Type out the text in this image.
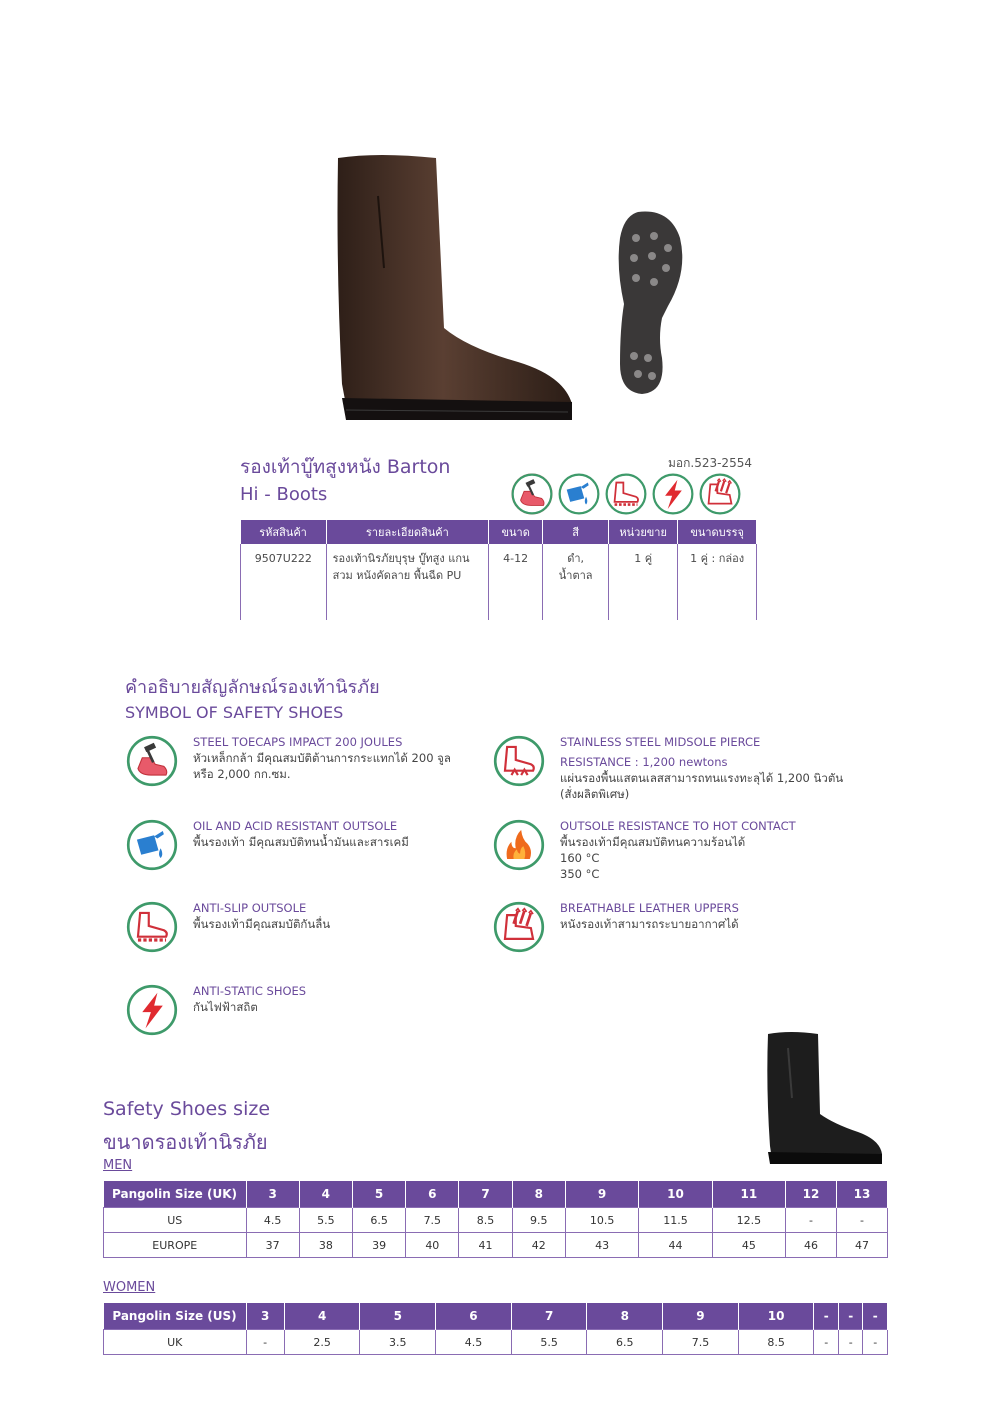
รองเท้าบู๊ทสูงหนัง Barton
Hi - Boots
มอก.523-2554
รหัสสินค้า	รายละเอียดสินค้า	ขนาด	สี	หน่วยขาย	ขนาดบรรจุ
9507U222	รองเท้านิรภัยบุรุษ บู๊ทสูง แกนสวม หนังคัดลาย พื้นฉีด PU	4-12	ดำ, น้ำตาล	1 คู่	1 คู่ : กล่อง
คำอธิบายสัญลักษณ์รองเท้านิรภัย
SYMBOL OF SAFETY SHOES
STEEL TOECAPS IMPACT 200 JOULES
หัวเหล็กกล้า มีคุณสมบัติต้านการกระแทกได้ 200 จูล
หรือ 2,000 กก.ซม.
OIL AND ACID RESISTANT OUTSOLE
พื้นรองเท้า มีคุณสมบัติทนน้ำมันและสารเคมี
ANTI-SLIP OUTSOLE
พื้นรองเท้ามีคุณสมบัติกันลื่น
ANTI-STATIC SHOES
กันไฟฟ้าสถิต
STAINLESS STEEL MIDSOLE PIERCE
RESISTANCE : 1,200 newtons
แผ่นรองพื้นแสตนเลสสามารถทนแรงทะลุได้ 1,200 นิวตัน
(สั่งผลิตพิเศษ)
OUTSOLE RESISTANCE TO HOT CONTACT
พื้นรองเท้ามีคุณสมบัติทนความร้อนได้
160 °C
350 °C
BREATHABLE LEATHER UPPERS
หนังรองเท้าสามารถระบายอากาศได้
Safety Shoes size
ขนาดรองเท้านิรภัย
MEN
Pangolin Size (UK)	3	4	5	6	7	8	9	10	11	12	13
US	4.5	5.5	6.5	7.5	8.5	9.5	10.5	11.5	12.5	-	-
EUROPE	37	38	39	40	41	42	43	44	45	46	47
WOMEN
Pangolin Size (US)	3	4	5	6	7	8	9	10	-	-	-
UK	-	2.5	3.5	4.5	5.5	6.5	7.5	8.5	-	-	-
